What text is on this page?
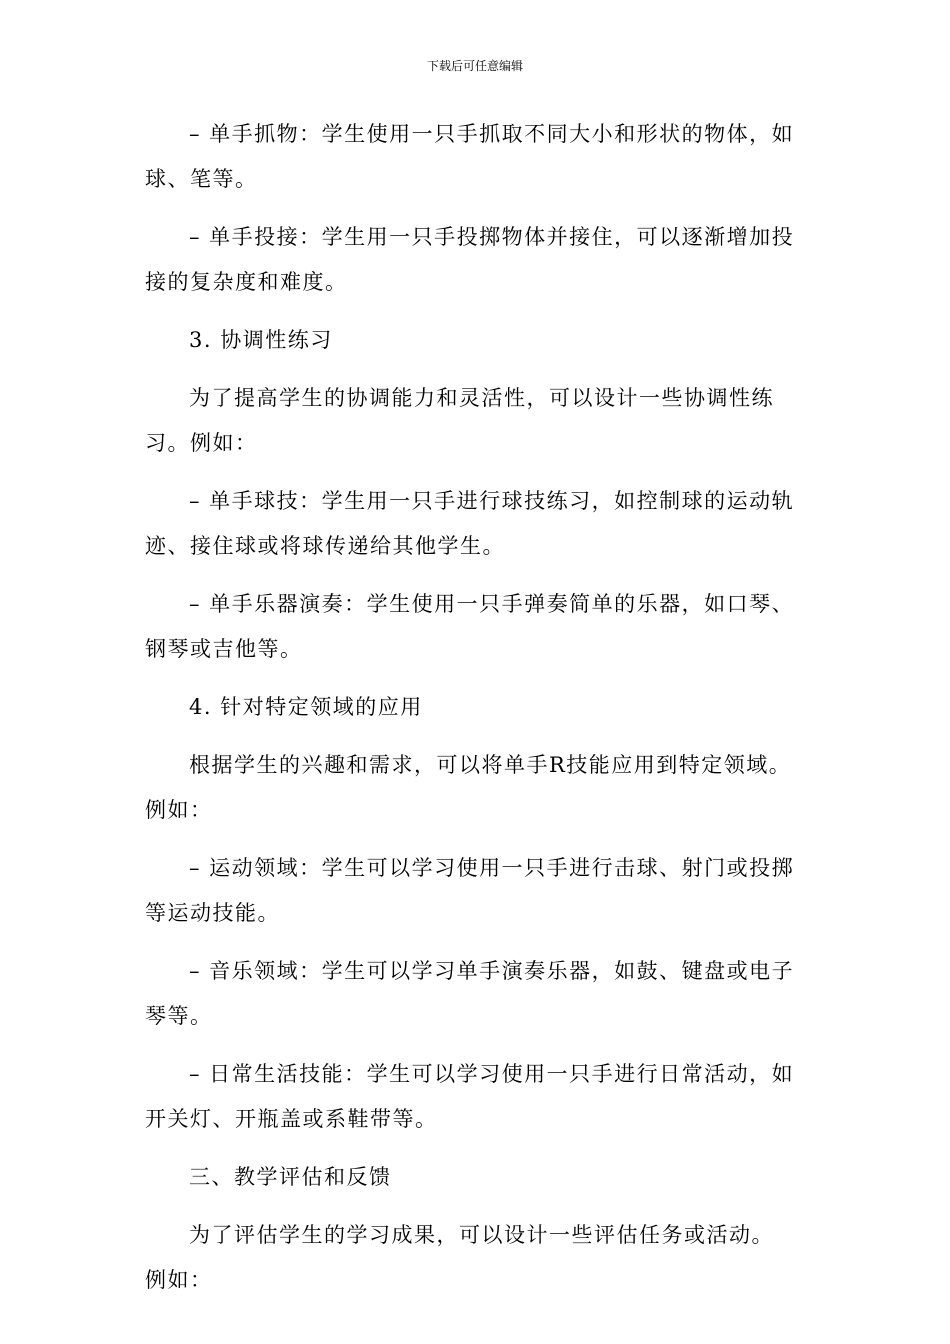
下载后可任意编辑

– 单手抓物：学生使用一只手抓取不同大小和形状的物体，如球、笔等。

– 单手投接：学生用一只手投掷物体并接住，可以逐渐增加投接的复杂度和难度。

3. 协调性练习

为了提高学生的协调能力和灵活性，可以设计一些协调性练习。例如：

– 单手球技：学生用一只手进行球技练习，如控制球的运动轨迹、接住球或将球传递给其他学生。

– 单手乐器演奏：学生使用一只手弹奏简单的乐器，如口琴、钢琴或吉他等。

4. 针对特定领域的应用

根据学生的兴趣和需求，可以将单手R技能应用到特定领域。例如：

– 运动领域：学生可以学习使用一只手进行击球、射门或投掷等运动技能。

– 音乐领域：学生可以学习单手演奏乐器，如鼓、键盘或电子琴等。

– 日常生活技能：学生可以学习使用一只手进行日常活动，如开关灯、开瓶盖或系鞋带等。

三、教学评估和反馈

为了评估学生的学习成果，可以设计一些评估任务或活动。例如：
